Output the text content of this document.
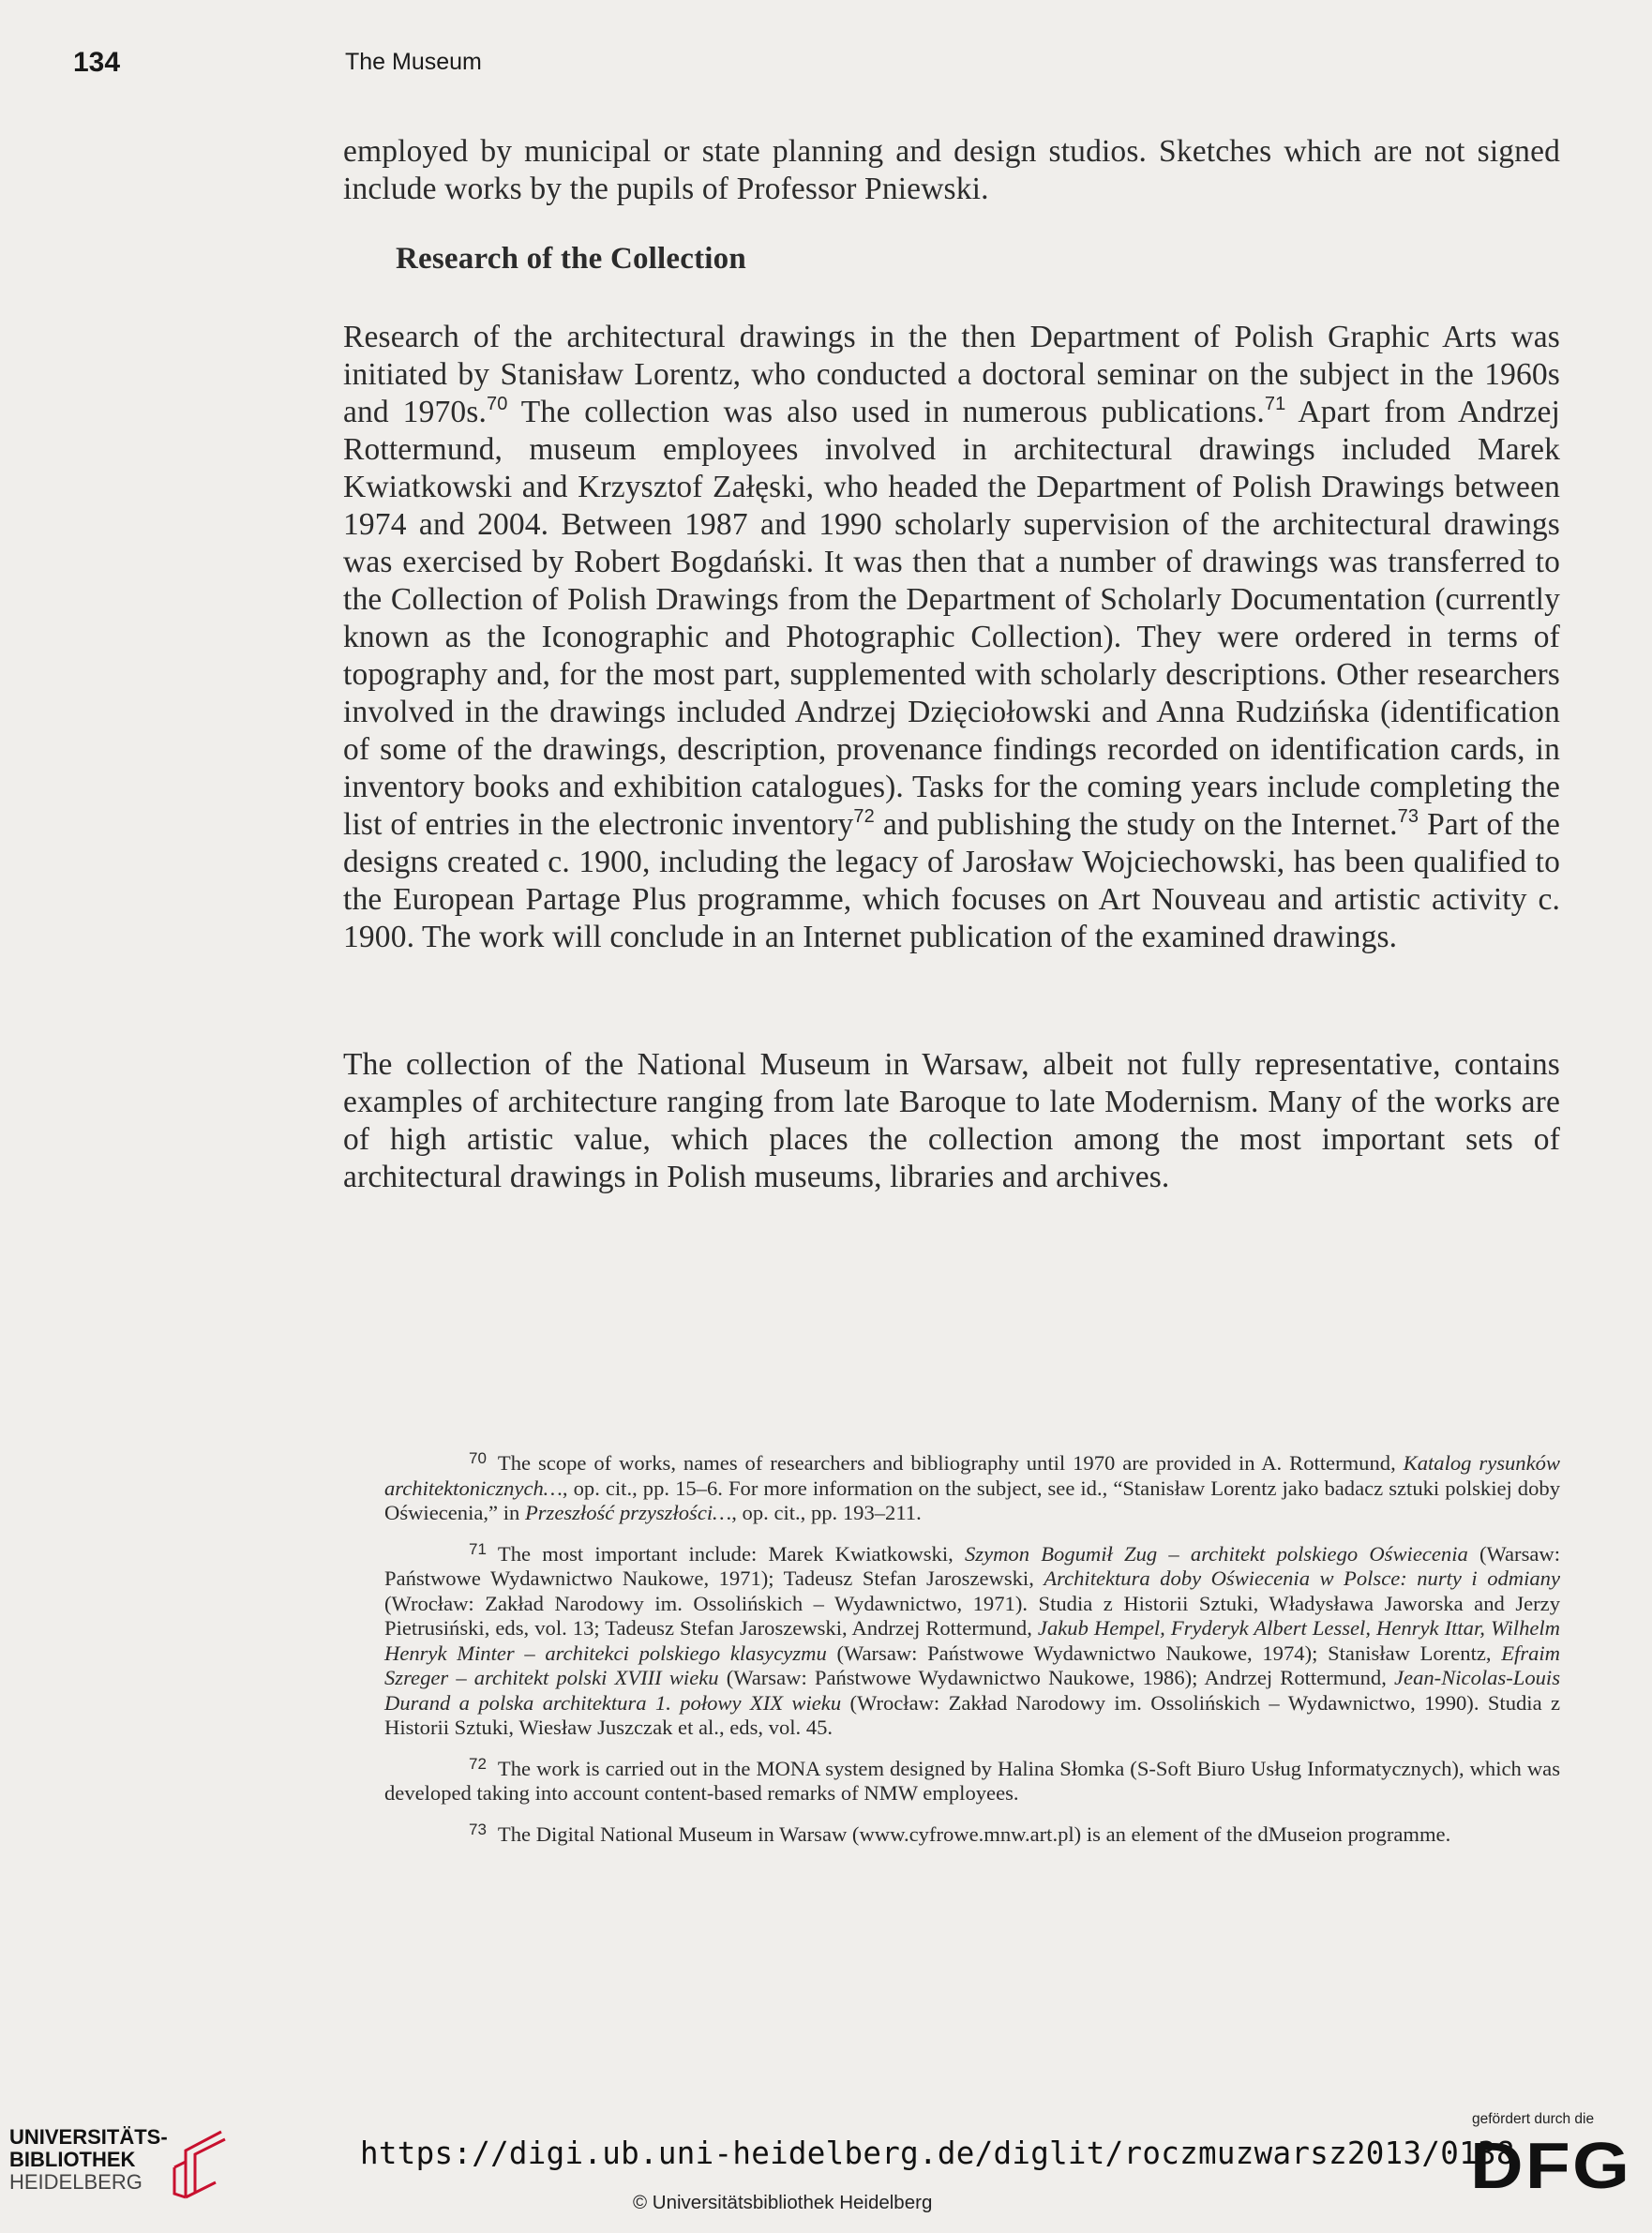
134	The Museum

employed by municipal or state planning and design studios. Sketches which are not signed include works by the pupils of Professor Pniewski.

Research of the Collection

Research of the architectural drawings in the then Department of Polish Graphic Arts was initiated by Stanisław Lorentz, who conducted a doctoral seminar on the subject in the 1960s and 1970s.$^{70}$ The collection was also used in numerous publications.$^{71}$ Apart from Andrzej Rottermund, museum employees involved in architectural drawings included Marek Kwiatkowski and Krzysztof Załęski, who headed the Department of Polish Drawings between 1974 and 2004. Between 1987 and 1990 scholarly supervision of the architectural drawings was exercised by Robert Bogdański. It was then that a number of drawings was transferred to the Collection of Polish Drawings from the Department of Scholarly Documentation (currently known as the Iconographic and Photographic Collection). They were ordered in terms of topography and, for the most part, supplemented with scholarly descriptions. Other researchers involved in the drawings included Andrzej Dzięciołowski and Anna Rudzińska (identification of some of the drawings, description, provenance findings recorded on identification cards, in inventory books and exhibition catalogues). Tasks for the coming years include completing the list of entries in the electronic inventory$^{72}$ and publishing the study on the Internet.$^{73}$ Part of the designs created c. 1900, including the legacy of Jarosław Wojciechowski, has been qualified to the European Partage Plus programme, which focuses on Art Nouveau and artistic activity c. 1900. The work will conclude in an Internet publication of the examined drawings.

The collection of the National Museum in Warsaw, albeit not fully representative, contains examples of architecture ranging from late Baroque to late Modernism. Many of the works are of high artistic value, which places the collection among the most important sets of architectural drawings in Polish museums, libraries and archives.

$^{70}$ The scope of works, names of researchers and bibliography until 1970 are provided in A. Rottermund, Katalog rysunków architektonicznych…, op. cit., pp. 15–6. For more information on the subject, see id., “Stanisław Lorentz jako badacz sztuki polskiej doby Oświecenia,” in Przeszłość przyszłości…, op. cit., pp. 193–211.

$^{71}$ The most important include: Marek Kwiatkowski, Szymon Bogumił Zug – architekt polskiego Oświecenia (Warsaw: Państwowe Wydawnictwo Naukowe, 1971); Tadeusz Stefan Jaroszewski, Architektura doby Oświecenia w Polsce: nurty i odmiany (Wrocław: Zakład Narodowy im. Ossolińskich – Wydawnictwo, 1971). Studia z Historii Sztuki, Władysława Jaworska and Jerzy Pietrusiński, eds, vol. 13; Tadeusz Stefan Jaroszewski, Andrzej Rottermund, Jakub Hempel, Fryderyk Albert Lessel, Henryk Ittar, Wilhelm Henryk Minter – architekci polskiego klasycyzmu (Warsaw: Państwowe Wydawnictwo Naukowe, 1974); Stanisław Lorentz, Efraim Szreger – architekt polski XVIII wieku (Warsaw: Państwowe Wydawnictwo Naukowe, 1986); Andrzej Rottermund, Jean-Nicolas-Louis Durand a polska architektura 1. połowy XIX wieku (Wrocław: Zakład Narodowy im. Ossolińskich – Wydawnictwo, 1990). Studia z Historii Sztuki, Wiesław Juszczak et al., eds, vol. 45.

$^{72}$ The work is carried out in the MONA system designed by Halina Słomka (S-Soft Biuro Usług Informatycznych), which was developed taking into account content-based remarks of NMW employees.

$^{73}$ The Digital National Museum in Warsaw (www.cyfrowe.mnw.art.pl) is an element of the dMuseion programme.

UNIVERSITÄTS-
BIBLIOTHEK
HEIDELBERG
https://digi.ub.uni-heidelberg.de/diglit/roczmuzwarsz2013/0138
© Universitätsbibliothek Heidelberg
gefördert durch die
DFG
